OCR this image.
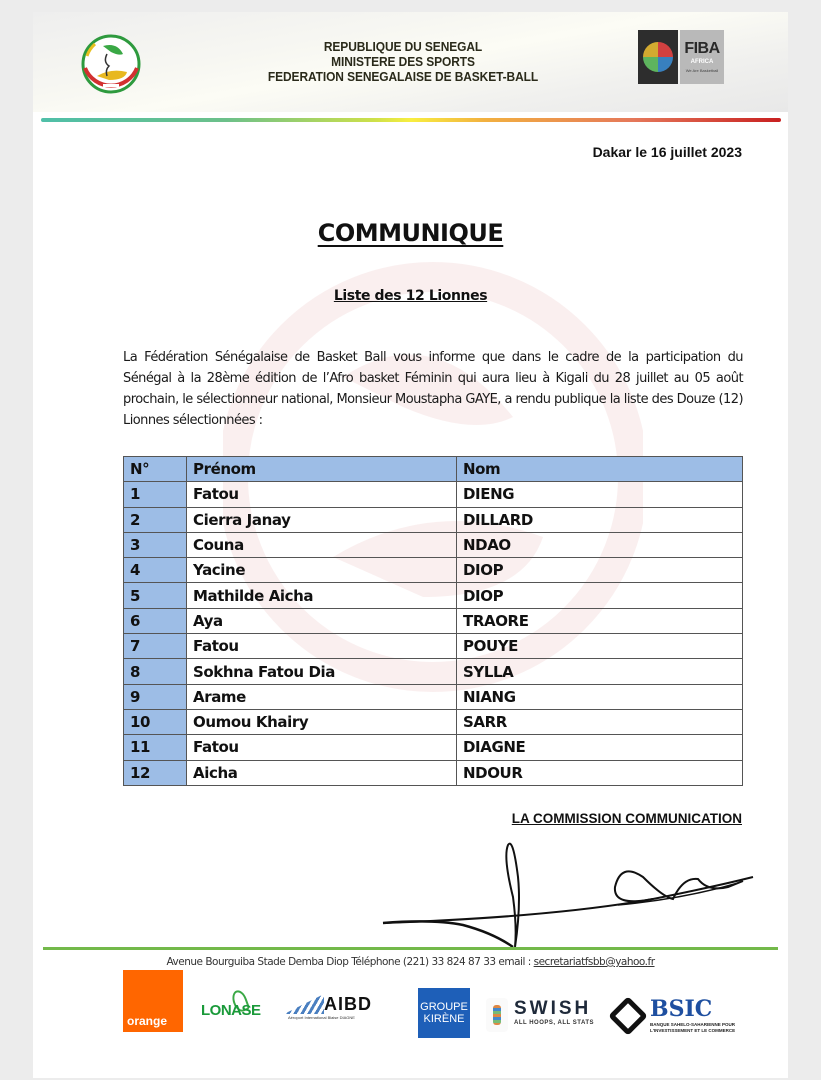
REPUBLIQUE DU SENEGAL
MINISTERE DES SPORTS
FEDERATION SENEGALAISE DE BASKET-BALL
FIBA
AFRICA
We Are Basketball
Dakar le 16 juillet 2023
COMMUNIQUE
Liste des 12 Lionnes

La Fédération Sénégalaise de Basket Ball vous informe que dans le cadre de la participation du Sénégal à la 28ème édition de l’Afro basket Féminin qui aura lieu à Kigali du 28 juillet au 05 août prochain, le sélectionneur national, Monsieur Moustapha GAYE, a rendu publique la liste des Douze (12) Lionnes sélectionnées :

N°	Prénom	Nom
1	Fatou	DIENG
2	Cierra Janay	DILLARD
3	Couna	NDAO
4	Yacine	DIOP
5	Mathilde Aicha	DIOP
6	Aya	TRAORE
7	Fatou	POUYE
8	Sokhna Fatou Dia	SYLLA
9	Arame	NIANG
10	Oumou Khairy	SARR
11	Fatou	DIAGNE
12	Aicha	NDOUR
LA COMMISSION COMMUNICATION
Avenue Bourguiba Stade Demba Diop Téléphone (221) 33 824 87 33 email : secretariatfsbb@yahoo.fr
orange
LONASE	AIBD
Aéroport International Blaise DIAGNE
GROUPE
KIRÈNE	SWISH
ALL HOOPS, ALL STATS
BSIC
BANQUE SAHELO-SAHARIENNE POUR L'INVESTISSEMENT ET LE COMMERCE
